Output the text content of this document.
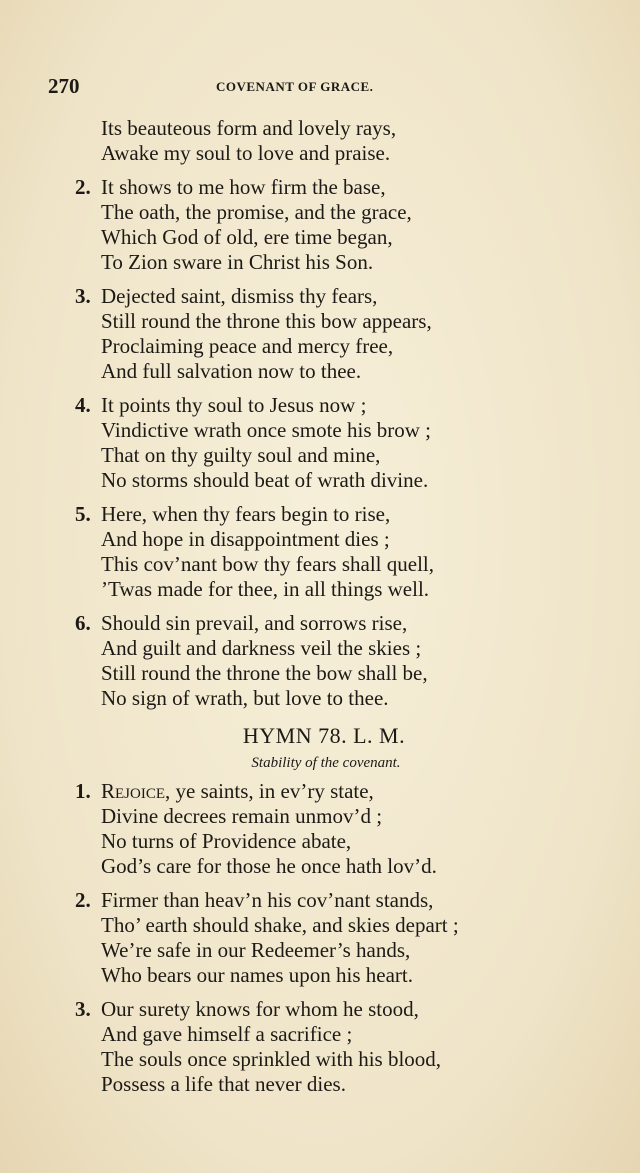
270	COVENANT OF GRACE.
Its beauteous form and lovely rays,
Awake my soul to love and praise.
2. It shows to me how firm the base,
The oath, the promise, and the grace,
Which God of old, ere time began,
To Zion sware in Christ his Son.
3. Dejected saint, dismiss thy fears,
Still round the throne this bow appears,
Proclaiming peace and mercy free,
And full salvation now to thee.
4. It points thy soul to Jesus now ;
Vindictive wrath once smote his brow ;
That on thy guilty soul and mine,
No storms should beat of wrath divine.
5. Here, when thy fears begin to rise,
And hope in disappointment dies ;
This cov’nant bow thy fears shall quell,
’Twas made for thee, in all things well.
6. Should sin prevail, and sorrows rise,
And guilt and darkness veil the skies ;
Still round the throne the bow shall be,
No sign of wrath, but love to thee.
HYMN 78. L. M.
Stability of the covenant.
1. Rejoice, ye saints, in ev’ry state,
Divine decrees remain unmov’d ;
No turns of Providence abate,
God’s care for those he once hath lov’d.
2. Firmer than heav’n his cov’nant stands,
Tho’ earth should shake, and skies depart ;
We’re safe in our Redeemer’s hands,
Who bears our names upon his heart.
3. Our surety knows for whom he stood,
And gave himself a sacrifice ;
The souls once sprinkled with his blood,
Possess a life that never dies.
